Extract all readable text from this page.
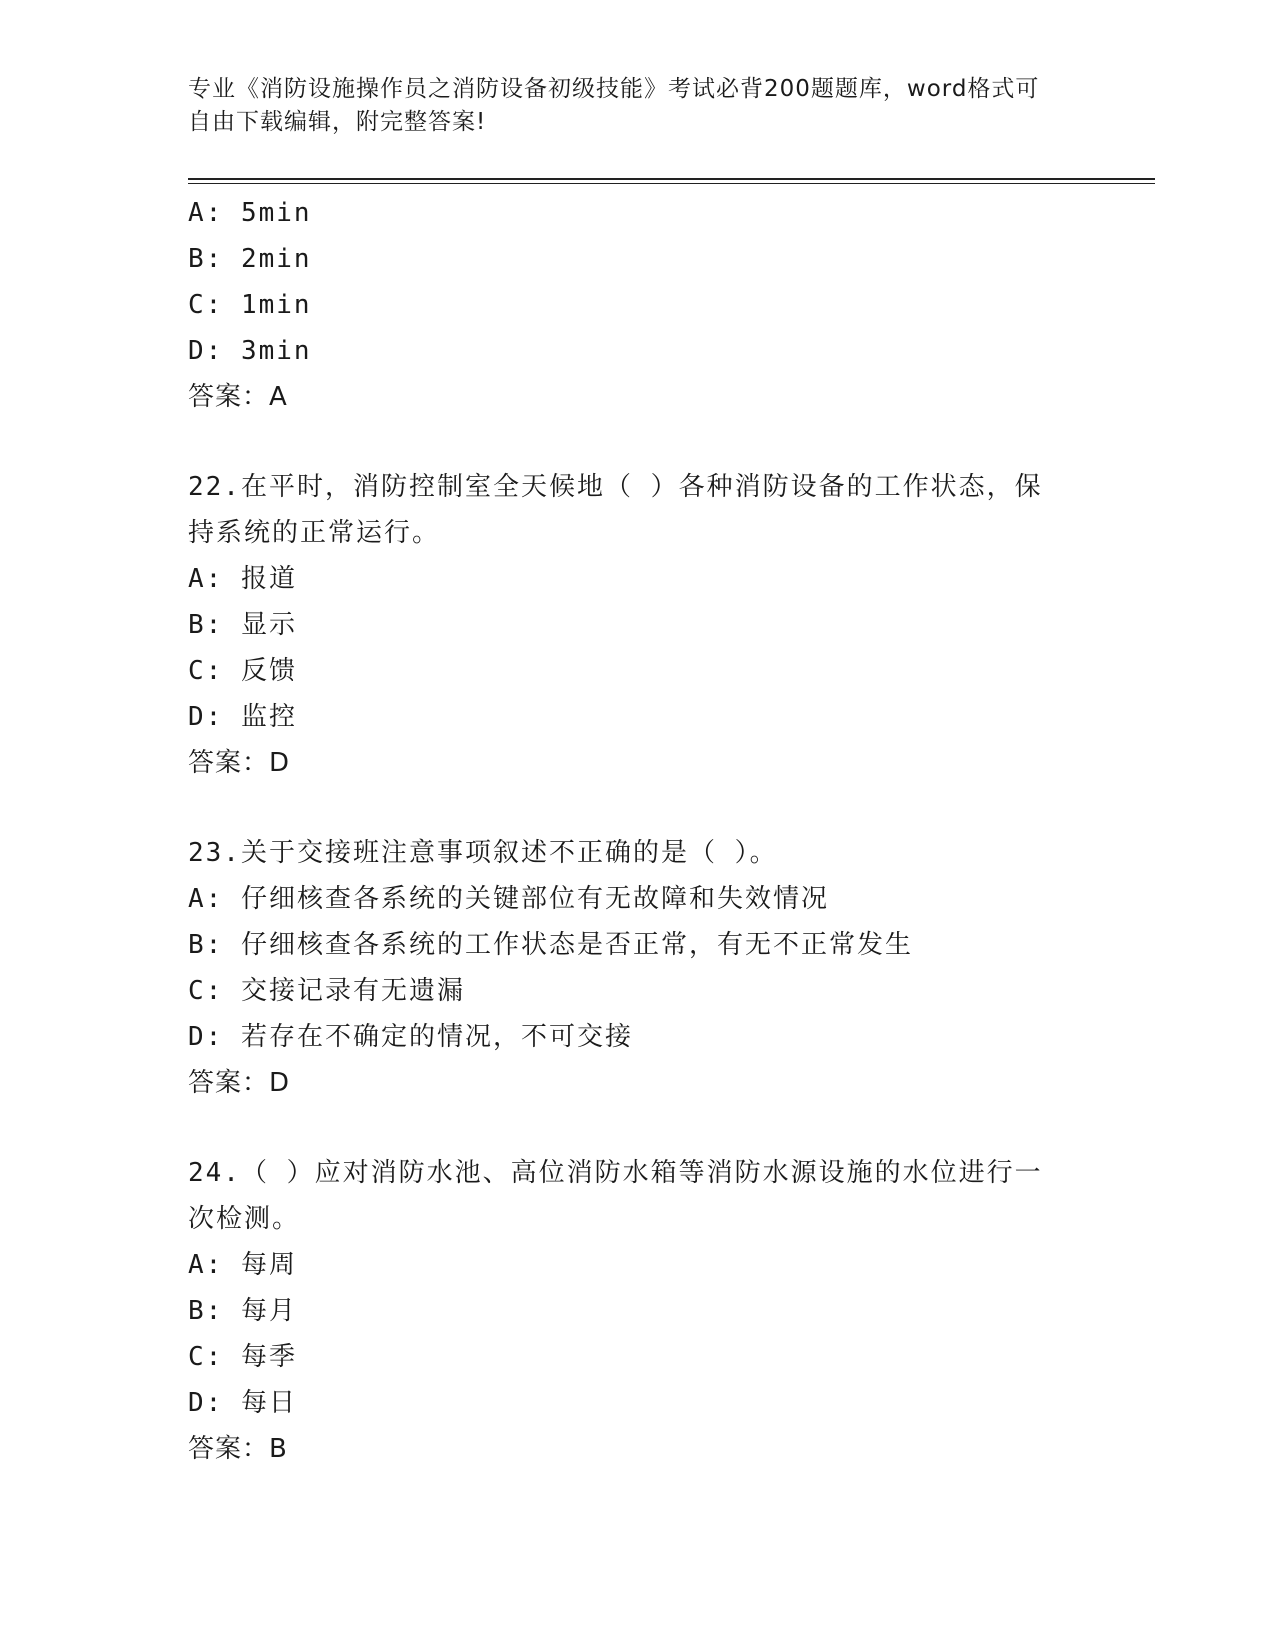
专业《消防设施操作员之消防设备初级技能》考试必背200题题库，word格式可
自由下载编辑，附完整答案!
A: 5min
B: 2min
C: 1min
D: 3min
答案：A
22.在平时，消防控制室全天候地（ ）各种消防设备的工作状态，保
持系统的正常运行。
A: 报道
B: 显示
C: 反馈
D: 监控
答案：D
23.关于交接班注意事项叙述不正确的是（ ）。
A: 仔细核查各系统的关键部位有无故障和失效情况
B: 仔细核查各系统的工作状态是否正常，有无不正常发生
C: 交接记录有无遗漏
D: 若存在不确定的情况，不可交接
答案：D
24.（ ）应对消防水池、高位消防水箱等消防水源设施的水位进行一
次检测。
A: 每周
B: 每月
C: 每季
D: 每日
答案：B
